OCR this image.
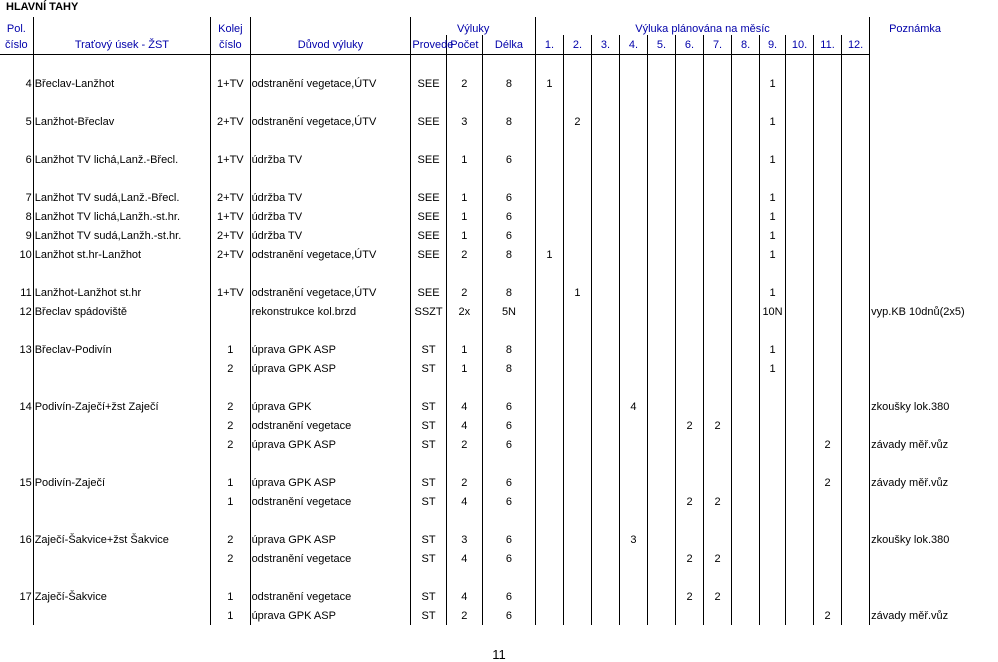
HLAVNÍ TAHY
Pol.		Kolej		Výluky			Výluka plánována na měsíc												Poznámka
číslo	Traťový úsek - ŽST	číslo	Důvod výluky	Provede	Počet	Délka	1.	2.	3.	4.	5.	6.	7.	8.	9.	10.	11.	12.	

4	Břeclav-Lanžhot	1+TV	odstranění vegetace,ÚTV	SEE	2	8	1								1				

5	Lanžhot-Břeclav	2+TV	odstranění vegetace,ÚTV	SEE	3	8		2							1				

6	Lanžhot TV lichá,Lanž.-Břecl.	1+TV	údržba TV	SEE	1	6									1				

7	Lanžhot TV sudá,Lanž.-Břecl.	2+TV	údržba TV	SEE	1	6									1				
8	Lanžhot TV lichá,Lanžh.-st.hr.	1+TV	údržba TV	SEE	1	6									1				
9	Lanžhot TV sudá,Lanžh.-st.hr.	2+TV	údržba TV	SEE	1	6									1				
10	Lanžhot st.hr-Lanžhot	2+TV	odstranění vegetace,ÚTV	SEE	2	8	1								1				

11	Lanžhot-Lanžhot st.hr	1+TV	odstranění vegetace,ÚTV	SEE	2	8		1							1				
12	Břeclav spádoviště		rekonstrukce kol.brzd	SSZT	2x	5N									10N				vyp.KB 10dnů(2x5)

13	Břeclav-Podivín	1	úprava GPK ASP	ST	1	8									1				
		2	úprava GPK ASP	ST	1	8									1				

14	Podivín-Zaječí+žst Zaječí	2	úprava GPK	ST	4	6				4									zkoušky lok.380
		2	odstranění vegetace	ST	4	6						2	2						
		2	úprava GPK ASP	ST	2	6											2		závady měř.vůz

15	Podivín-Zaječí	1	úprava GPK ASP	ST	2	6											2		závady měř.vůz
		1	odstranění vegetace	ST	4	6						2	2						

16	Zaječí-Šakvice+žst Šakvice	2	úprava GPK ASP	ST	3	6				3									zkoušky lok.380
		2	odstranění vegetace	ST	4	6						2	2						

17	Zaječí-Šakvice	1	odstranění vegetace	ST	4	6						2	2						
		1	úprava GPK ASP	ST	2	6											2		závady měř.vůz
11
